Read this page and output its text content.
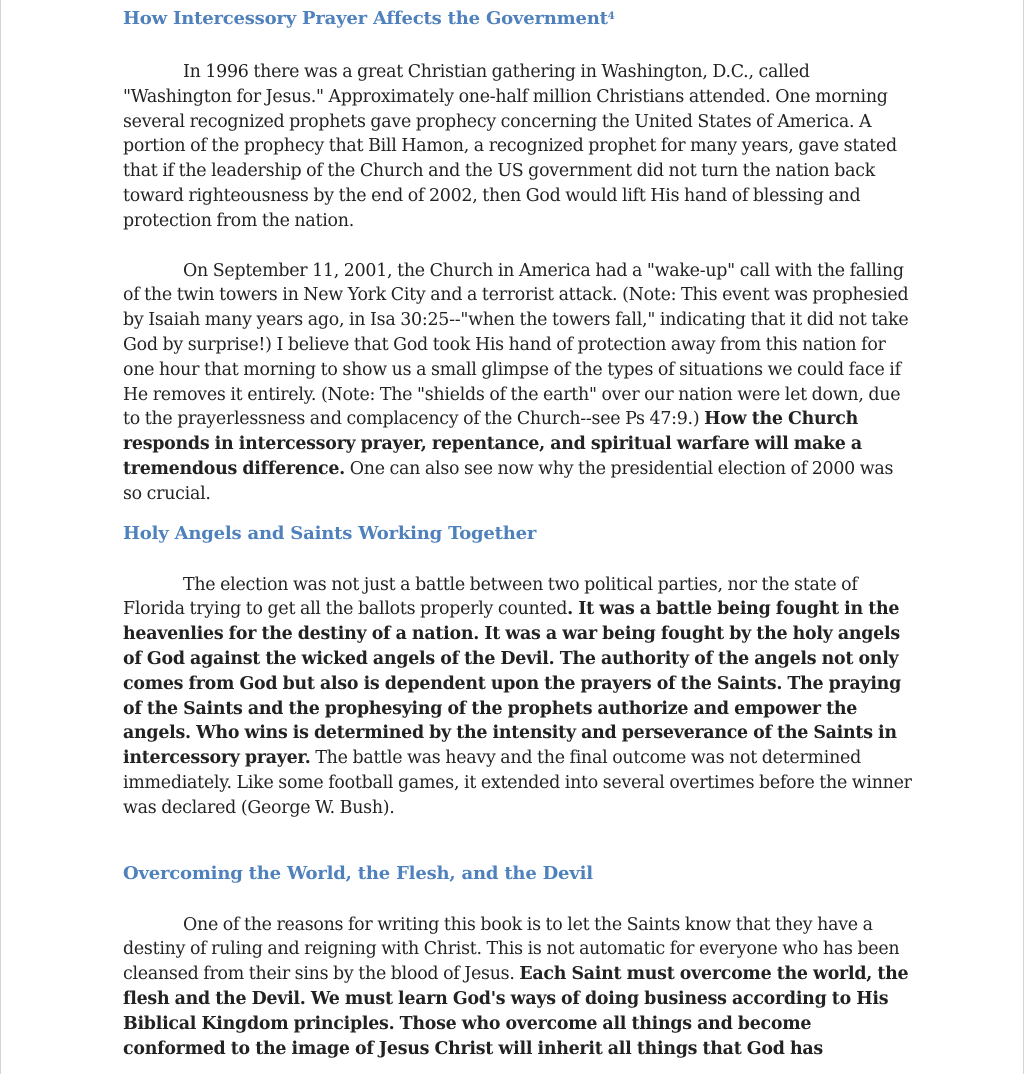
How Intercessory Prayer Affects the Government$^4$

In 1996 there was a great Christian gathering in Washington, D.C., called "Washington for Jesus." Approximately one-half million Christians attended. One morning several recognized prophets gave prophecy concerning the United States of America. A portion of the prophecy that Bill Hamon, a recognized prophet for many years, gave stated that if the leadership of the Church and the US government did not turn the nation back toward righteousness by the end of 2002, then God would lift His hand of blessing and protection from the nation.

On September 11, 2001, the Church in America had a "wake-up" call with the falling of the twin towers in New York City and a terrorist attack. (Note: This event was prophesied by Isaiah many years ago, in Isa 30:25--"when the towers fall," indicating that it did not take God by surprise!) I believe that God took His hand of protection away from this nation for one hour that morning to show us a small glimpse of the types of situations we could face if He removes it entirely. (Note: The "shields of the earth" over our nation were let down, due to the prayerlessness and complacency of the Church--see Ps 47:9.) How the Church responds in intercessory prayer, repentance, and spiritual warfare will make a tremendous difference. One can also see now why the presidential election of 2000 was so crucial.

Holy Angels and Saints Working Together

The election was not just a battle between two political parties, nor the state of Florida trying to get all the ballots properly counted. It was a battle being fought in the heavenlies for the destiny of a nation. It was a war being fought by the holy angels of God against the wicked angels of the Devil. The authority of the angels not only comes from God but also is dependent upon the prayers of the Saints. The praying of the Saints and the prophesying of the prophets authorize and empower the angels. Who wins is determined by the intensity and perseverance of the Saints in intercessory prayer. The battle was heavy and the final outcome was not determined immediately. Like some football games, it extended into several overtimes before the winner was declared (George W. Bush).

Overcoming the World, the Flesh, and the Devil

One of the reasons for writing this book is to let the Saints know that they have a destiny of ruling and reigning with Christ. This is not automatic for everyone who has been cleansed from their sins by the blood of Jesus. Each Saint must overcome the world, the flesh and the Devil. We must learn God's ways of doing business according to His Biblical Kingdom principles. Those who overcome all things and become conformed to the image of Jesus Christ will inherit all things that God has
